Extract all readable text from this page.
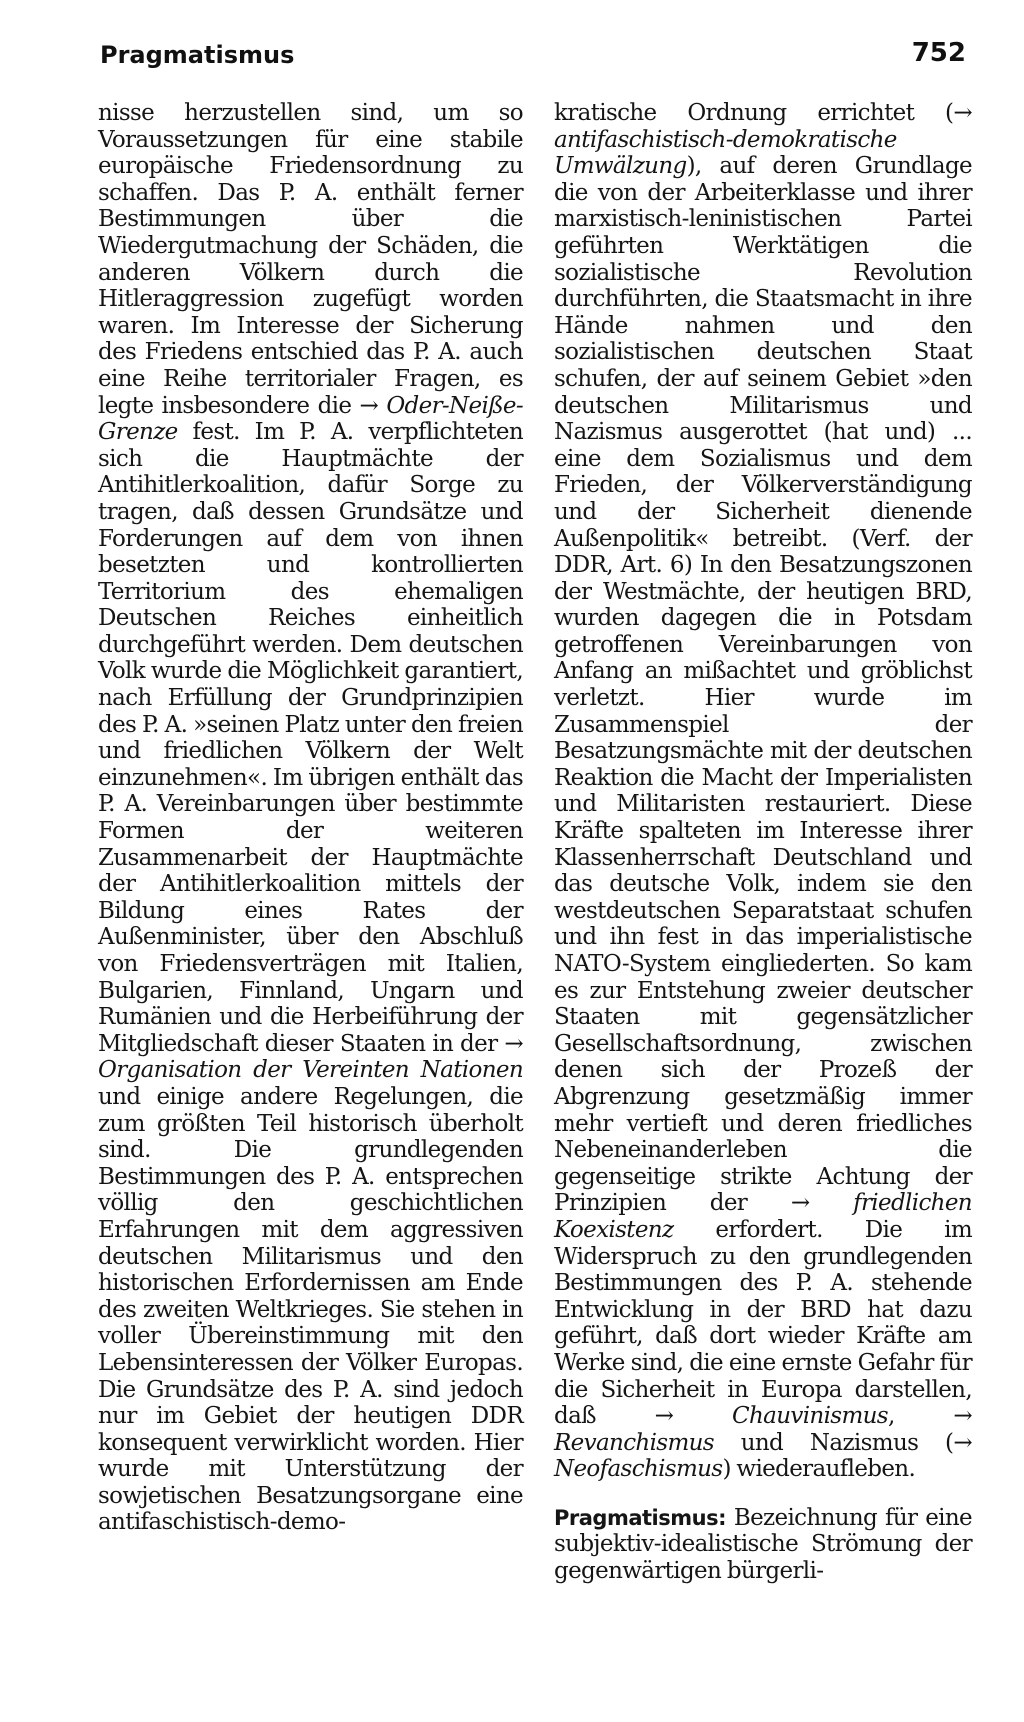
Pragmatismus	752

nisse herzustellen sind, um so Voraussetzungen für eine stabile europäische Friedensordnung zu schaffen. Das P. A. enthält ferner Bestimmungen über die Wiedergutmachung der Schäden, die anderen Völkern durch die Hitleraggression zugefügt worden waren. Im Interesse der Sicherung des Friedens entschied das P. A. auch eine Reihe territorialer Fragen, es legte insbesondere die → Oder-Neiße-Grenze fest. Im P. A. verpflichteten sich die Hauptmächte der Antihitlerkoalition, dafür Sorge zu tragen, daß dessen Grundsätze und Forderungen auf dem von ihnen besetzten und kontrollierten Territorium des ehemaligen Deutschen Reiches einheitlich durchgeführt werden. Dem deutschen Volk wurde die Möglichkeit garantiert, nach Erfüllung der Grundprinzipien des P. A. »seinen Platz unter den freien und friedlichen Völkern der Welt einzunehmen«. Im übrigen enthält das P. A. Vereinbarungen über bestimmte Formen der weiteren Zusammenarbeit der Hauptmächte der Antihitlerkoalition mittels der Bildung eines Rates der Außenminister, über den Abschluß von Friedensverträgen mit Italien, Bulgarien, Finnland, Ungarn und Rumänien und die Herbeiführung der Mitgliedschaft dieser Staaten in der → Organisation der Vereinten Nationen und einige andere Regelungen, die zum größten Teil historisch überholt sind. Die grundlegenden Bestimmungen des P. A. entsprechen völlig den geschichtlichen Erfahrungen mit dem aggressiven deutschen Militarismus und den historischen Erfordernissen am Ende des zweiten Weltkrieges. Sie stehen in voller Übereinstimmung mit den Lebensinteressen der Völker Europas. Die Grundsätze des P. A. sind jedoch nur im Gebiet der heutigen DDR konsequent verwirklicht worden. Hier wurde mit Unterstützung der sowjetischen Besatzungsorgane eine antifaschistisch-demo-

kratische Ordnung errichtet (→ antifaschistisch-demokratische Umwälzung), auf deren Grundlage die von der Arbeiterklasse und ihrer marxistisch-leninistischen Partei geführten Werktätigen die sozialistische Revolution durchführten, die Staatsmacht in ihre Hände nahmen und den sozialistischen deutschen Staat schufen, der auf seinem Gebiet »den deutschen Militarismus und Nazismus ausgerottet (hat und) ... eine dem Sozialismus und dem Frieden, der Völkerverständigung und der Sicherheit dienende Außenpolitik« betreibt. (Verf. der DDR, Art. 6) In den Besatzungszonen der Westmächte, der heutigen BRD, wurden dagegen die in Potsdam getroffenen Vereinbarungen von Anfang an mißachtet und gröblichst verletzt. Hier wurde im Zusammenspiel der Besatzungsmächte mit der deutschen Reaktion die Macht der Imperialisten und Militaristen restauriert. Diese Kräfte spalteten im Interesse ihrer Klassenherrschaft Deutschland und das deutsche Volk, indem sie den westdeutschen Separatstaat schufen und ihn fest in das imperialistische NATO-System eingliederten. So kam es zur Entstehung zweier deutscher Staaten mit gegensätzlicher Gesellschaftsordnung, zwischen denen sich der Prozeß der Abgrenzung gesetzmäßig immer mehr vertieft und deren friedliches Nebeneinanderleben die gegenseitige strikte Achtung der Prinzipien der → friedlichen Koexistenz erfordert. Die im Widerspruch zu den grundlegenden Bestimmungen des P. A. stehende Entwicklung in der BRD hat dazu geführt, daß dort wieder Kräfte am Werke sind, die eine ernste Gefahr für die Sicherheit in Europa darstellen, daß	→ Chauvinismus, → Revanchismus und Nazismus (→ Neofaschismus) wiederaufleben.

Pragmatismus: Bezeichnung für eine subjektiv-idealistische Strömung der gegenwärtigen bürgerli-
